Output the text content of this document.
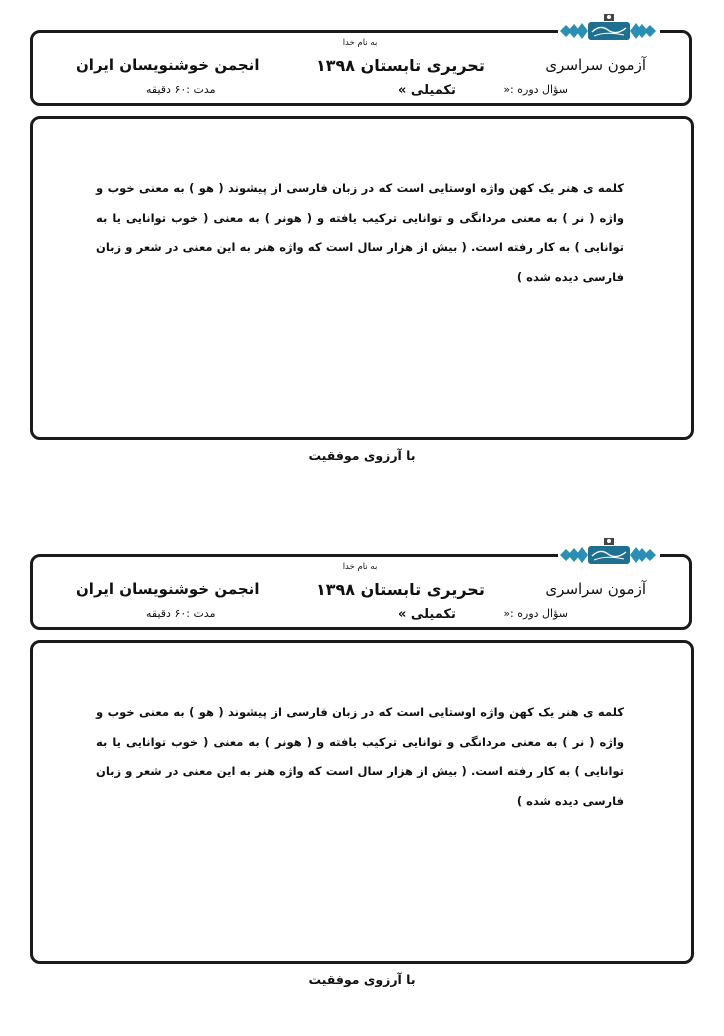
به نام خدا
آزمون سراسری
تحریری تابستان ۱۳۹۸
انجمن خوشنویسان ایران
سؤال دوره :«
تکمیلی »
مدت :۶۰ دقیقه
کلمه ی هنر یک کهن واژه اوستایی است که در زبان فارسی از پیشوند ( هو ) به معنی خوب و واژه ( نر ) به معنی مردانگی و توانایی ترکیب یافته و ( هونر ) به معنی ( خوب توانایی یا به توانایی ) به کار رفته است. ( بیش از هزار سال است که واژه هنر به این معنی در شعر و زبان فارسی دیده شده )
با آرزوی موفقیت
به نام خدا
آزمون سراسری
تحریری تابستان ۱۳۹۸
انجمن خوشنویسان ایران
سؤال دوره :«
تکمیلی »
مدت :۶۰ دقیقه
کلمه ی هنر یک کهن واژه اوستایی است که در زبان فارسی از پیشوند ( هو ) به معنی خوب و واژه ( نر ) به معنی مردانگی و توانایی ترکیب یافته و ( هونر ) به معنی ( خوب توانایی یا به توانایی ) به کار رفته است. ( بیش از هزار سال است که واژه هنر به این معنی در شعر و زبان فارسی دیده شده )
با آرزوی موفقیت
